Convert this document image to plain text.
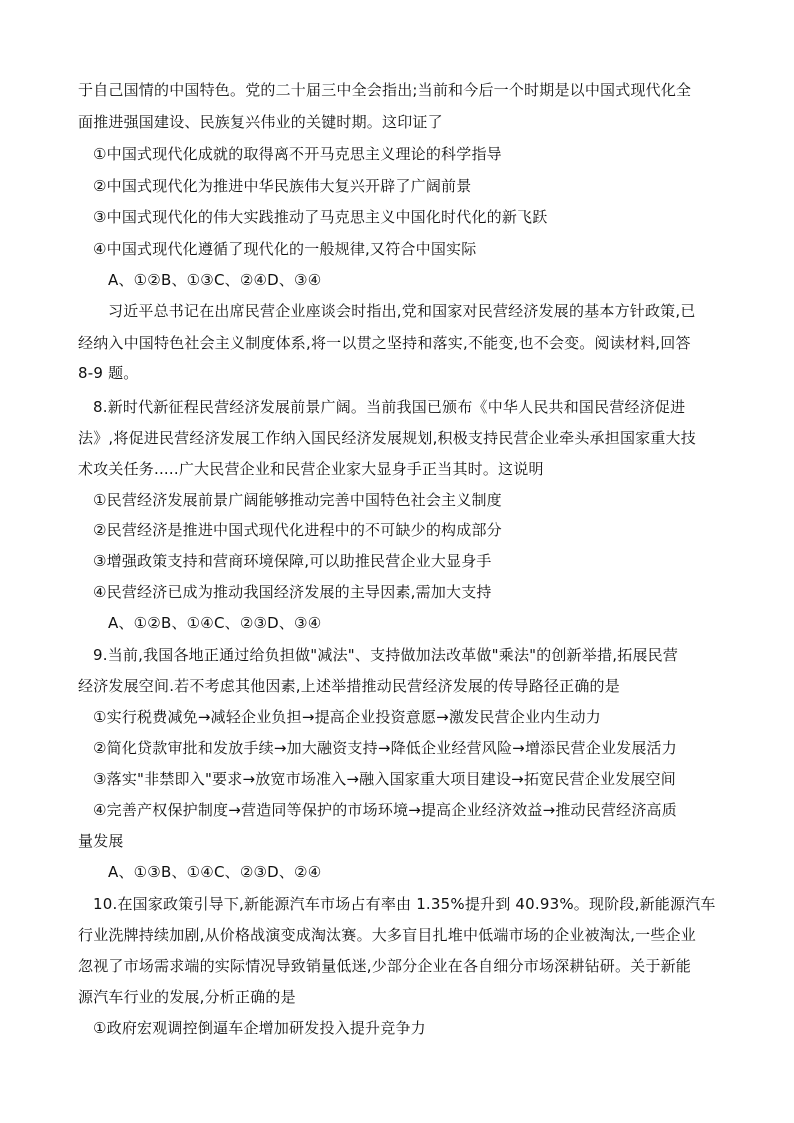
于自己国情的中国特色。党的二十届三中全会指出;当前和今后一个时期是以中国式现代化全
面推进强国建设、民族复兴伟业的关键时期。这印证了
①中国式现代化成就的取得离不开马克思主义理论的科学指导
②中国式现代化为推进中华民族伟大复兴开辟了广阔前景
③中国式现代化的伟大实践推动了马克思主义中国化时代化的新飞跃
④中国式现代化遵循了现代化的一般规律,又符合中国实际
A、①②B、①③C、②④D、③④
习近平总书记在出席民营企业座谈会时指出,党和国家对民营经济发展的基本方针政策,已
经纳入中国特色社会主义制度体系,将一以贯之坚持和落实,不能变,也不会变。阅读材料,回答
8-9 题。
8.新时代新征程民营经济发展前景广阔。当前我国已颁布《中华人民共和国民营经济促进
法》,将促进民营经济发展工作纳入国民经济发展规划,积极支持民营企业牵头承担国家重大技
术攻关任务.....广大民营企业和民营企业家大显身手正当其时。这说明
①民营经济发展前景广阔能够推动完善中国特色社会主义制度
②民营经济是推进中国式现代化进程中的不可缺少的构成部分
③增强政策支持和营商环境保障,可以助推民营企业大显身手
④民营经济已成为推动我国经济发展的主导因素,需加大支持
A、①②B、①④C、②③D、③④
9.当前,我国各地正通过给负担做"减法"、支持做加法改革做"乘法"的创新举措,拓展民营
经济发展空间.若不考虑其他因素,上述举措推动民营经济发展的传导路径正确的是
①实行税费减免→减轻企业负担→提高企业投资意愿→激发民营企业内生动力
②简化贷款审批和发放手续→加大融资支持→降低企业经营风险→增添民营企业发展活力
③落实"非禁即入"要求→放宽市场准入→融入国家重大项目建设→拓宽民营企业发展空间
④完善产权保护制度→营造同等保护的市场环境→提高企业经济效益→推动民营经济高质
量发展
A、①③B、①④C、②③D、②④
10.在国家政策引导下,新能源汽车市场占有率由 1.35%提升到 40.93%。现阶段,新能源汽车
行业洗牌持续加剧,从价格战演变成淘汰赛。大多盲目扎堆中低端市场的企业被淘汰,一些企业
忽视了市场需求端的实际情况导致销量低迷,少部分企业在各自细分市场深耕钻研。关于新能
源汽车行业的发展,分析正确的是
①政府宏观调控倒逼车企增加研发投入提升竞争力
